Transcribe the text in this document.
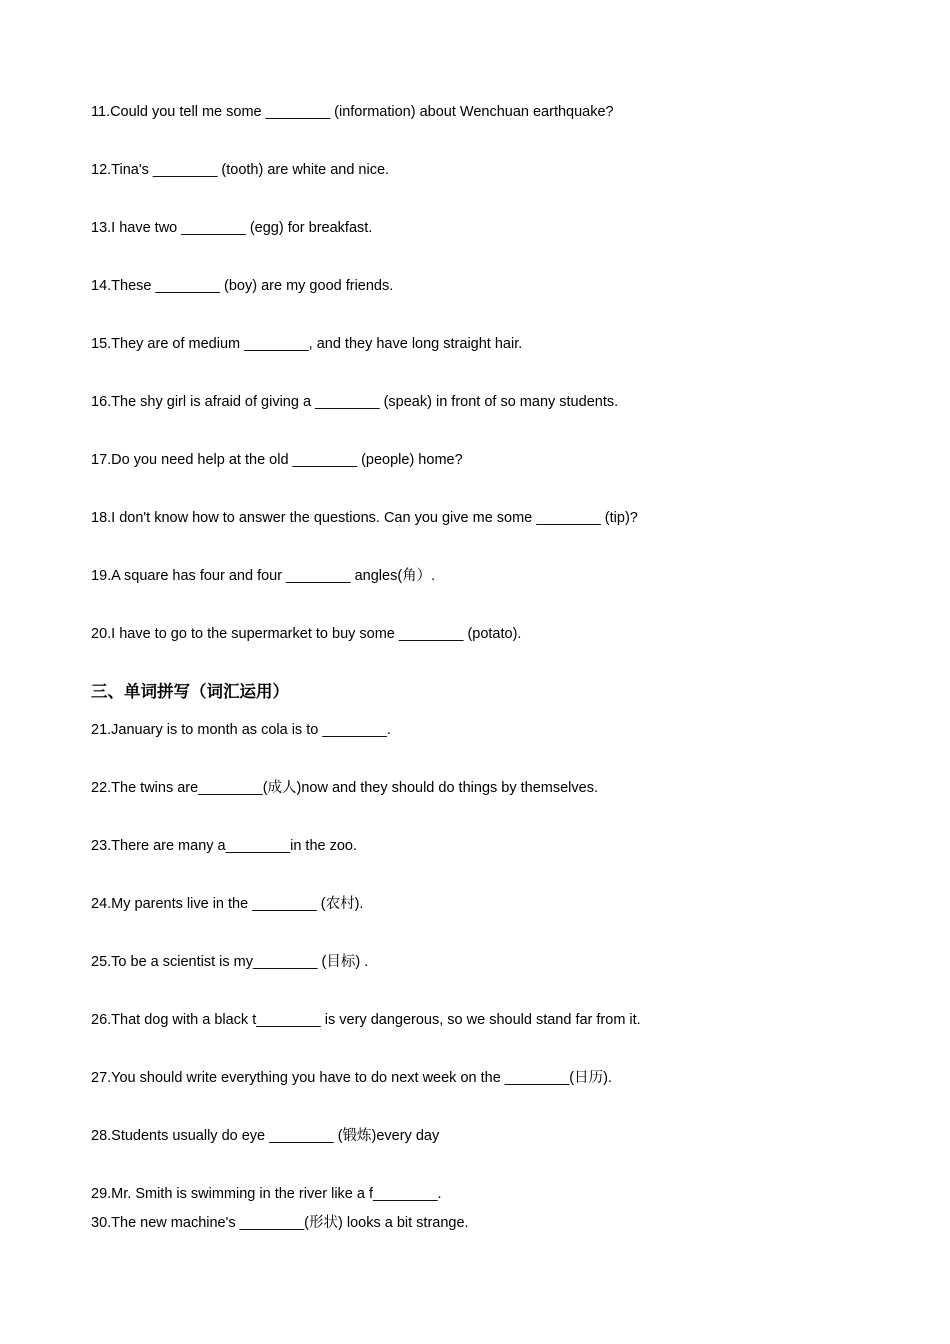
11.Could you tell me some ________ (information) about Wenchuan earthquake?
12.Tina's ________ (tooth) are white and nice.
13.I have two ________ (egg) for breakfast.
14.These ________ (boy) are my good friends.
15.They are of medium ________, and they have long straight hair.
16.The shy girl is afraid of giving a ________ (speak) in front of so many students.
17.Do you need help at the old ________ (people) home?
18.I don't know how to answer the questions. Can you give me some ________ (tip)?
19.A square has four and four ________ angles(角）.
20.I have to go to the supermarket to buy some ________ (potato).
三、单词拼写（词汇运用）
21.January is to month as cola is to ________.
22.The twins are________(成人)now and they should do things by themselves.
23.There are many a________in the zoo.
24.My parents live in the ________ (农村).
25.To be a scientist is my________ (目标) .
26.That dog with a black t________ is very dangerous, so we should stand far from it.
27.You should write everything you have to do next week on the ________(日历).
28.Students usually do eye ________ (锻炼)every day
29.Mr. Smith is swimming in the river like a f________.
30.The new machine's ________(形状) looks a bit strange.
